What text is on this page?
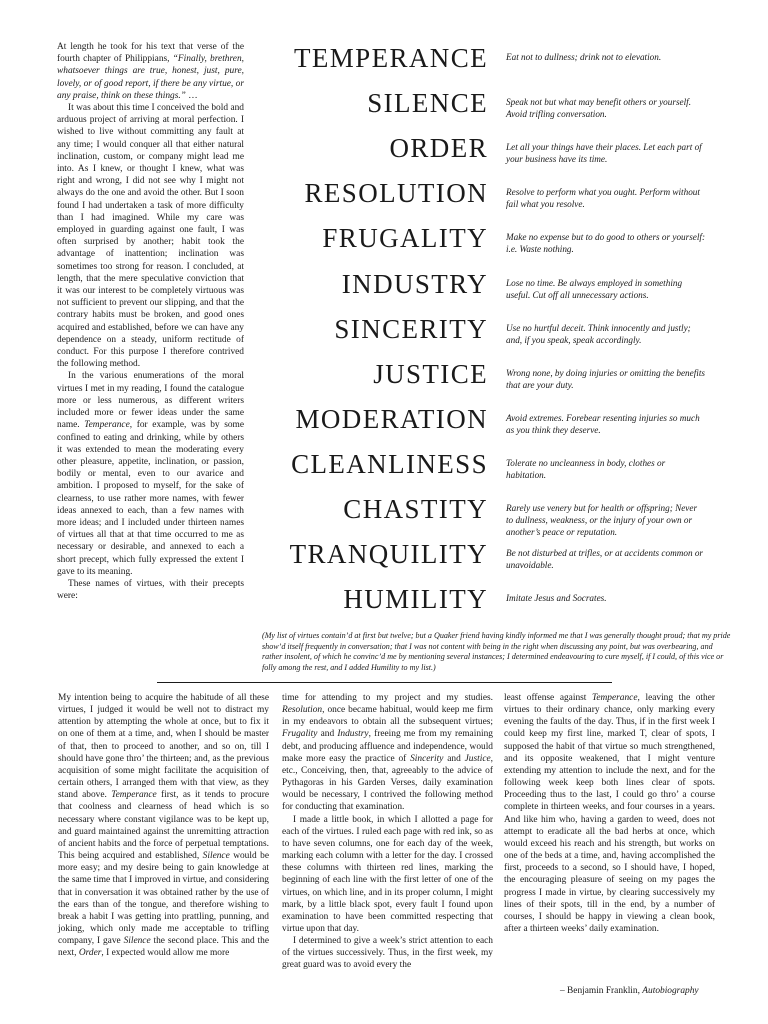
At length he took for his text that verse of the fourth chapter of Philippians, “Finally, brethren, whatsoever things are true, honest, just, pure, lovely, or of good report, if there be any virtue, or any praise, think on these things.” …

It was about this time I conceived the bold and arduous project of arriving at moral perfection. I wished to live without committing any fault at any time; I would conquer all that either natural inclination, custom, or company might lead me into. As I knew, or thought I knew, what was right and wrong, I did not see why I might not always do the one and avoid the other. But I soon found I had undertaken a task of more difficulty than I had imagined. While my care was employed in guarding against one fault, I was often surprised by another; habit took the advantage of inattention; inclination was sometimes too strong for reason. I concluded, at length, that the mere speculative conviction that it was our interest to be completely virtuous was not sufficient to prevent our slipping, and that the contrary habits must be broken, and good ones acquired and established, before we can have any dependence on a steady, uniform rectitude of conduct. For this purpose I therefore contrived the following method.

In the various enumerations of the moral virtues I met in my reading, I found the catalogue more or less numerous, as different writers included more or fewer ideas under the same name. Temperance, for example, was by some confined to eating and drinking, while by others it was extended to mean the moderating every other pleasure, appetite, inclination, or passion, bodily or mental, even to our avarice and ambition. I proposed to myself, for the sake of clearness, to use rather more names, with fewer ideas annexed to each, than a few names with more ideas; and I included under thirteen names of virtues all that at that time occurred to me as necessary or desirable, and annexed to each a short precept, which fully expressed the extent I gave to its meaning.

These names of virtues, with their precepts were:

TEMPERANCE Eat not to dullness; drink not to elevation.
SILENCE Speak not but what may benefit others or yourself. Avoid trifling conversation.
ORDER Let all your things have their places. Let each part of your business have its time.
RESOLUTION Resolve to perform what you ought. Perform without fail what you resolve.
FRUGALITY Make no expense but to do good to others or yourself: i.e. Waste nothing.
INDUSTRY Lose no time. Be always employed in something useful. Cut off all unnecessary actions.
SINCERITY Use no hurtful deceit. Think innocently and justly; and, if you speak, speak accordingly.
JUSTICE Wrong none, by doing injuries or omitting the benefits that are your duty.
MODERATION Avoid extremes. Forebear resenting injuries so much as you think they deserve.
CLEANLINESS Tolerate no uncleanness in body, clothes or habitation.
CHASTITY Rarely use venery but for health or offspring; Never to dullness, weakness, or the injury of your own or another’s peace or reputation.
TRANQUILITY Be not disturbed at trifles, or at accidents common or unavoidable.
HUMILITY Imitate Jesus and Socrates.
(My list of virtues contain’d at first but twelve; but a Quaker friend having kindly informed me that I was generally thought proud; that my pride show’d itself frequently in conversation; that I was not content with being in the right when discussing any point, but was overbearing, and rather insolent, of which he convinc’d me by mentioning several instances; I determined endeavouring to cure myself, if I could, of this vice or folly among the rest, and I added Humility to my list.)

My intention being to acquire the habitude of all these virtues, I judged it would be well not to distract my attention by attempting the whole at once, but to fix it on one of them at a time, and, when I should be master of that, then to proceed to another, and so on, till I should have gone thro’ the thirteen; and, as the previous acquisition of some might facilitate the acquisition of certain others, I arranged them with that view, as they stand above. Temperance first, as it tends to procure that coolness and clearness of head which is so necessary where constant vigilance was to be kept up, and guard maintained against the unremitting attraction of ancient habits and the force of perpetual temptations. This being acquired and established, Silence would be more easy; and my desire being to gain knowledge at the same time that I improved in virtue, and considering that in conversation it was obtained rather by the use of the ears than of the tongue, and therefore wishing to break a habit I was getting into prattling, punning, and joking, which only made me acceptable to trifling company, I gave Silence the second place. This and the next, Order, I expected would allow me more

time for attending to my project and my studies. Resolution, once became habitual, would keep me firm in my endeavors to obtain all the subsequent virtues; Frugality and Industry, freeing me from my remaining debt, and producing affluence and independence, would make more easy the practice of Sincerity and Justice, etc., Conceiving, then, that, agreeably to the advice of Pythagoras in his Garden Verses, daily examination would be necessary, I contrived the following method for conducting that examination.

I made a little book, in which I allotted a page for each of the virtues. I ruled each page with red ink, so as to have seven columns, one for each day of the week, marking each column with a letter for the day. I crossed these columns with thirteen red lines, marking the beginning of each line with the first letter of one of the virtues, on which line, and in its proper column, I might mark, by a little black spot, every fault I found upon examination to have been committed respecting that virtue upon that day.

I determined to give a week’s strict attention to each of the virtues successively. Thus, in the first week, my great guard was to avoid every the

least offense against Temperance, leaving the other virtues to their ordinary chance, only marking every evening the faults of the day. Thus, if in the first week I could keep my first line, marked T, clear of spots, I supposed the habit of that virtue so much strengthened, and its opposite weakened, that I might venture extending my attention to include the next, and for the following week keep both lines clear of spots. Proceeding thus to the last, I could go thro’ a course complete in thirteen weeks, and four courses in a years. And like him who, having a garden to weed, does not attempt to eradicate all the bad herbs at once, which would exceed his reach and his strength, but works on one of the beds at a time, and, having accomplished the first, proceeds to a second, so I should have, I hoped, the encouraging pleasure of seeing on my pages the progress I made in virtue, by clearing successively my lines of their spots, till in the end, by a number of courses, I should be happy in viewing a clean book, after a thirteen weeks’ daily examination.

– Benjamin Franklin, Autobiography
